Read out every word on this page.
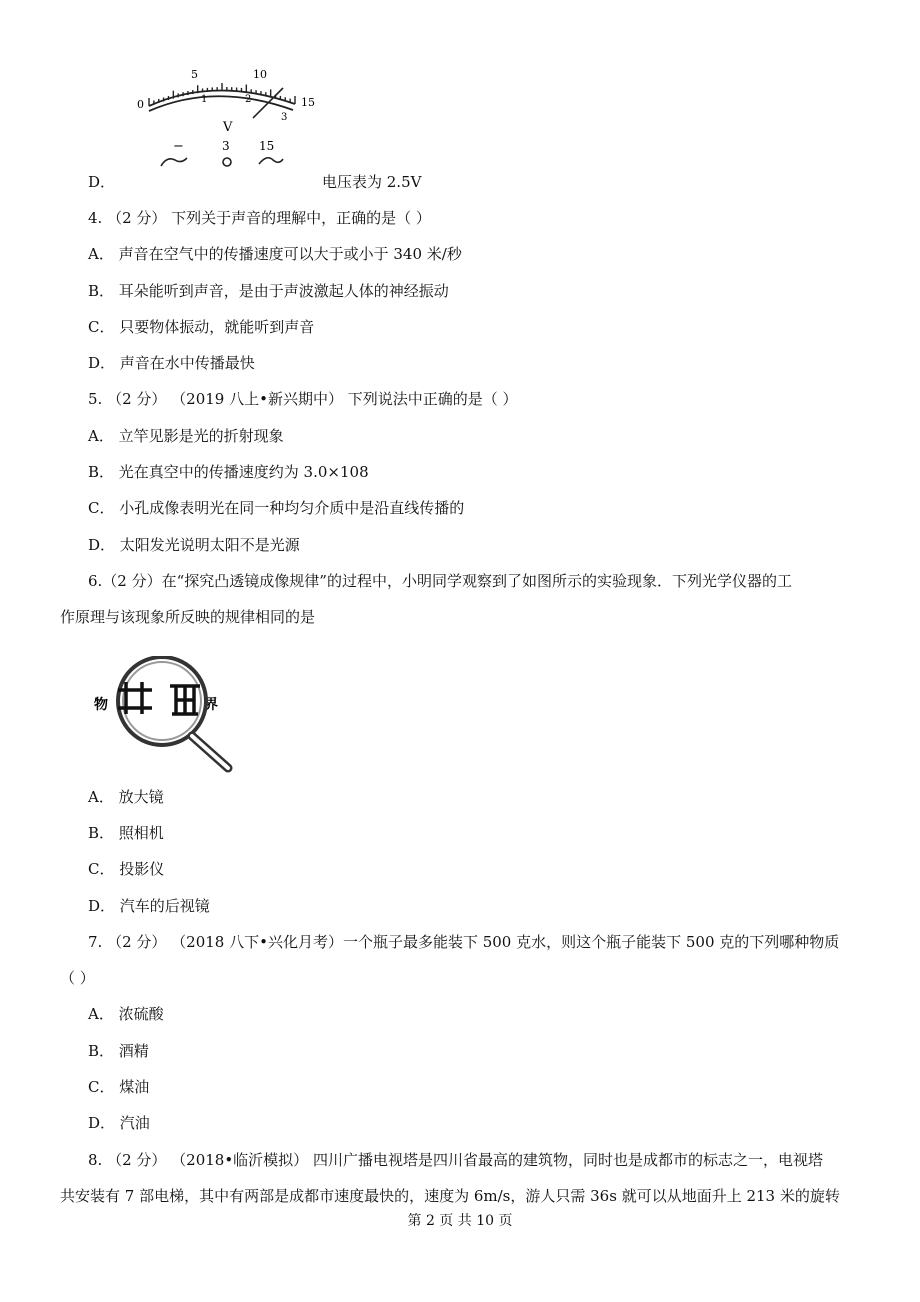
5	10
15
0	1	2
3
V
−	3 15
D．	电压表为 2.5V
4. （2 分） 下列关于声音的理解中，正确的是（ ）
A． 声音在空气中的传播速度可以大于或小于 340 米/秒
B． 耳朵能听到声音，是由于声波激起人体的神经振动
C． 只要物体振动，就能听到声音
D． 声音在水中传播最快
5. （2 分） （2019 八上•新兴期中） 下列说法中正确的是（ ）
A． 立竿见影是光的折射现象
B． 光在真空中的传播速度约为 3.0×108
C． 小孔成像表明光在同一种均匀介质中是沿直线传播的
D． 太阳发光说明太阳不是光源
6.（2 分）在“探究凸透镜成像规律”的过程中，小明同学观察到了如图所示的实验现象．下列光学仪器的工
作原理与该现象所反映的规律相同的是
物	界
A． 放大镜
B． 照相机
C． 投影仪
D． 汽车的后视镜
7. （2 分） （2018 八下•兴化月考）一个瓶子最多能装下 500 克水，则这个瓶子能装下 500 克的下列哪种物质
（ ）
A． 浓硫酸
B． 酒精
C． 煤油
D． 汽油
8. （2 分） （2018•临沂模拟） 四川广播电视塔是四川省最高的建筑物，同时也是成都市的标志之一，电视塔
共安装有 7 部电梯，其中有两部是成都市速度最快的，速度为 6m/s，游人只需 36s 就可以从地面升上 213 米的旋转
第 2 页 共 10 页
